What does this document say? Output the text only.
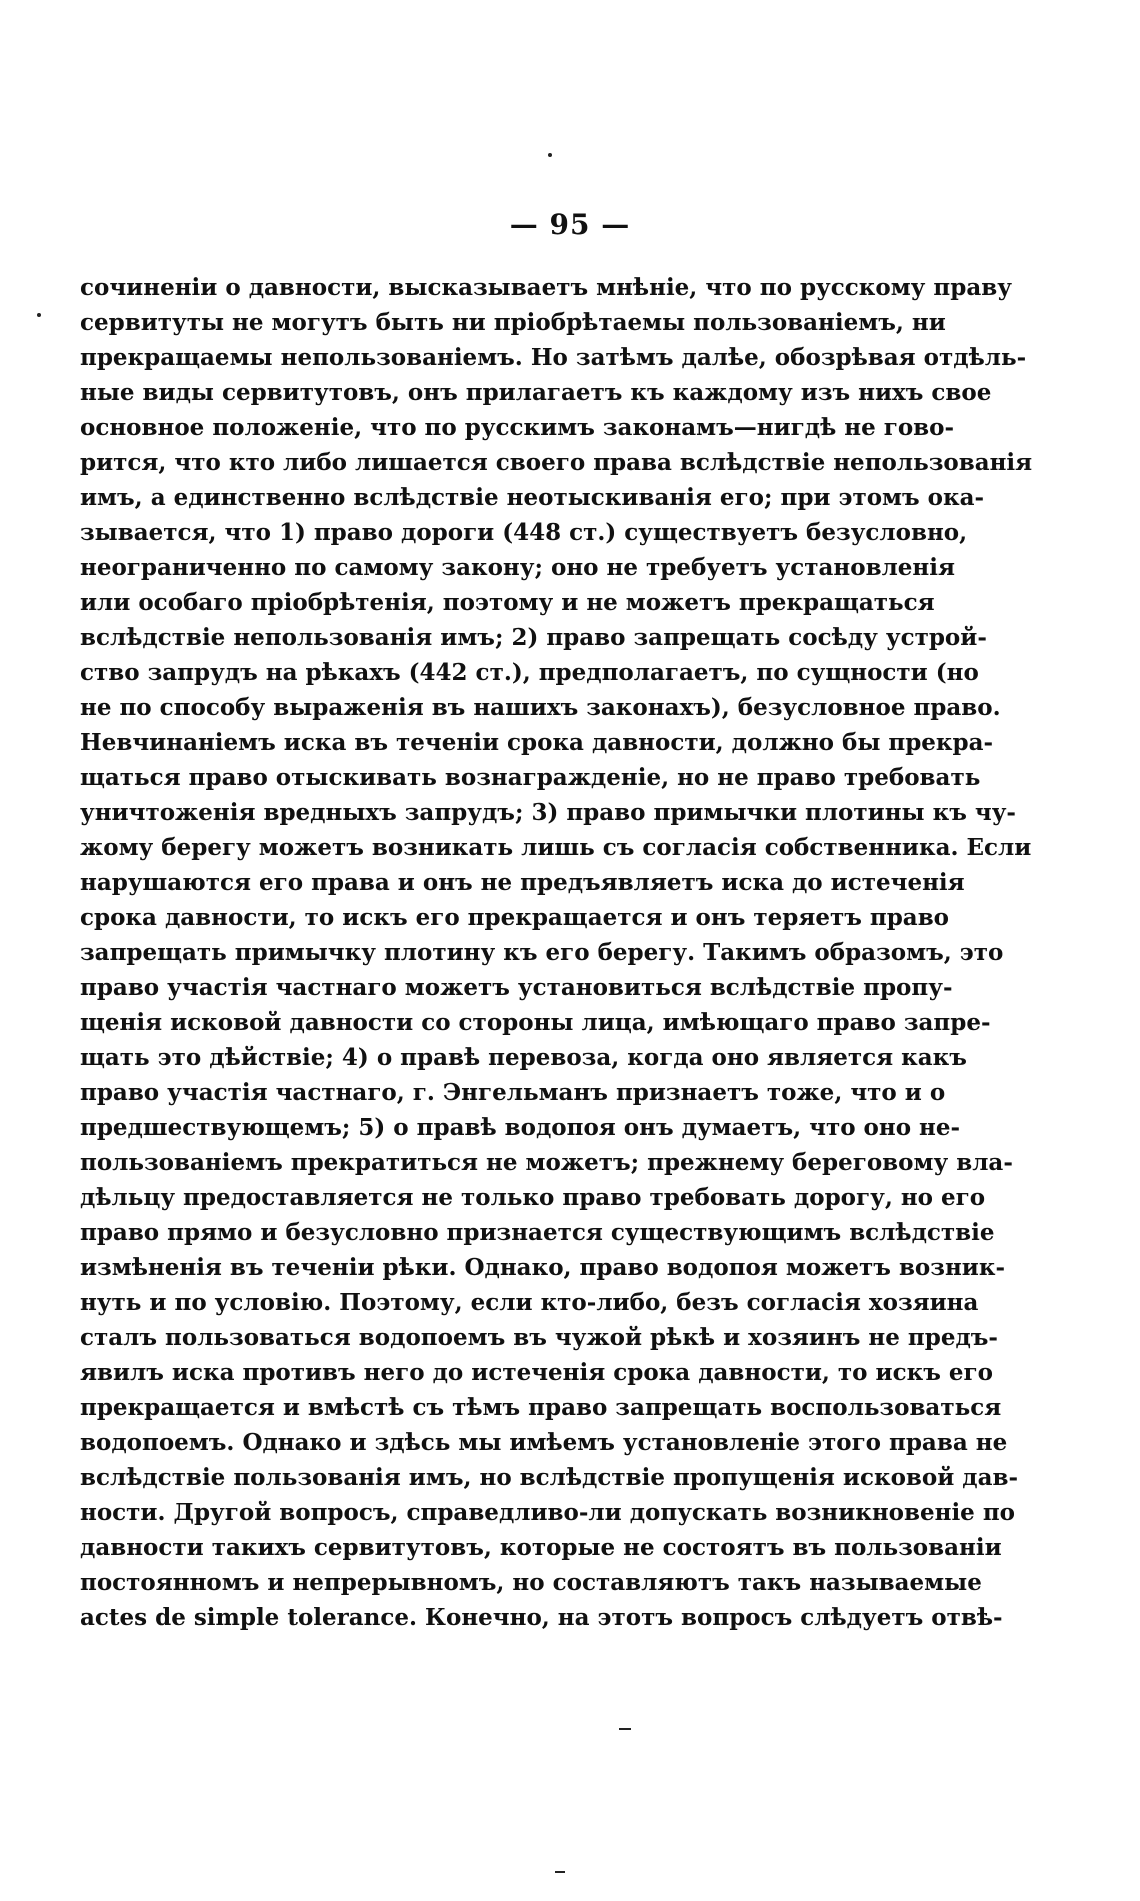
— 95 —
сочиненіи о давности, высказываетъ мнѣніе, что по русскому праву
сервитуты не могутъ быть ни пріобрѣтаемы пользованіемъ, ни
прекращаемы непользованіемъ. Но затѣмъ далѣе, обозрѣвая отдѣль-
ные виды сервитутовъ, онъ прилагаетъ къ каждому изъ нихъ свое
основное положеніе, что по русскимъ законамъ—нигдѣ не гово-
рится, что кто либо лишается своего права вслѣдствіе непользованія
имъ, а единственно вслѣдствіе неотыскиванія его; при этомъ ока-
зывается, что 1) право дороги (448 ст.) существуетъ безусловно,
неограниченно по самому закону; оно не требуетъ установленія
или особаго пріобрѣтенія, поэтому и не можетъ прекращаться
вслѣдствіе непользованія имъ; 2) право запрещать сосѣду устрой-
ство запрудъ на рѣкахъ (442 ст.), предполагаетъ, по сущности (но
не по способу выраженія въ нашихъ законахъ), безусловное право.
Невчинаніемъ иска въ теченіи срока давности, должно бы прекра-
щаться право отыскивать вознагражденіе, но не право требовать
уничтоженія вредныхъ запрудъ; 3) право примычки плотины къ чу-
жому берегу можетъ возникать лишь съ согласія собственника. Если
нарушаются его права и онъ не предъявляетъ иска до истеченія
срока давности, то искъ его прекращается и онъ теряетъ право
запрещать примычку плотину къ его берегу. Такимъ образомъ, это
право участія частнаго можетъ установиться вслѣдствіе пропу-
щенія исковой давности со стороны лица, имѣющаго право запре-
щать это дѣйствіе; 4) о правѣ перевоза, когда оно является какъ
право участія частнаго, г. Энгельманъ признаетъ тоже, что и о
предшествующемъ; 5) о правѣ водопоя онъ думаетъ, что оно не-
пользованіемъ прекратиться не можетъ; прежнему береговому вла-
дѣльцу предоставляется не только право требовать дорогу, но его
право прямо и безусловно признается существующимъ вслѣдствіе
измѣненія въ теченіи рѣки. Однако, право водопоя можетъ возник-
нуть и по условію. Поэтому, если кто-либо, безъ согласія хозяина
сталъ пользоваться водопоемъ въ чужой рѣкѣ и хозяинъ не предъ-
явилъ иска противъ него до истеченія срока давности, то искъ его
прекращается и вмѣстѣ съ тѣмъ право запрещать воспользоваться
водопоемъ. Однако и здѣсь мы имѣемъ установленіе этого права не
вслѣдствіе пользованія имъ, но вслѣдствіе пропущенія исковой дав-
ности. Другой вопросъ, справедливо-ли допускать возникновеніе по
давности такихъ сервитутовъ, которые не состоятъ въ пользованіи
постоянномъ и непрерывномъ, но составляютъ такъ называемые
actes de simple tolerance. Конечно, на этотъ вопросъ слѣдуетъ отвѣ-
